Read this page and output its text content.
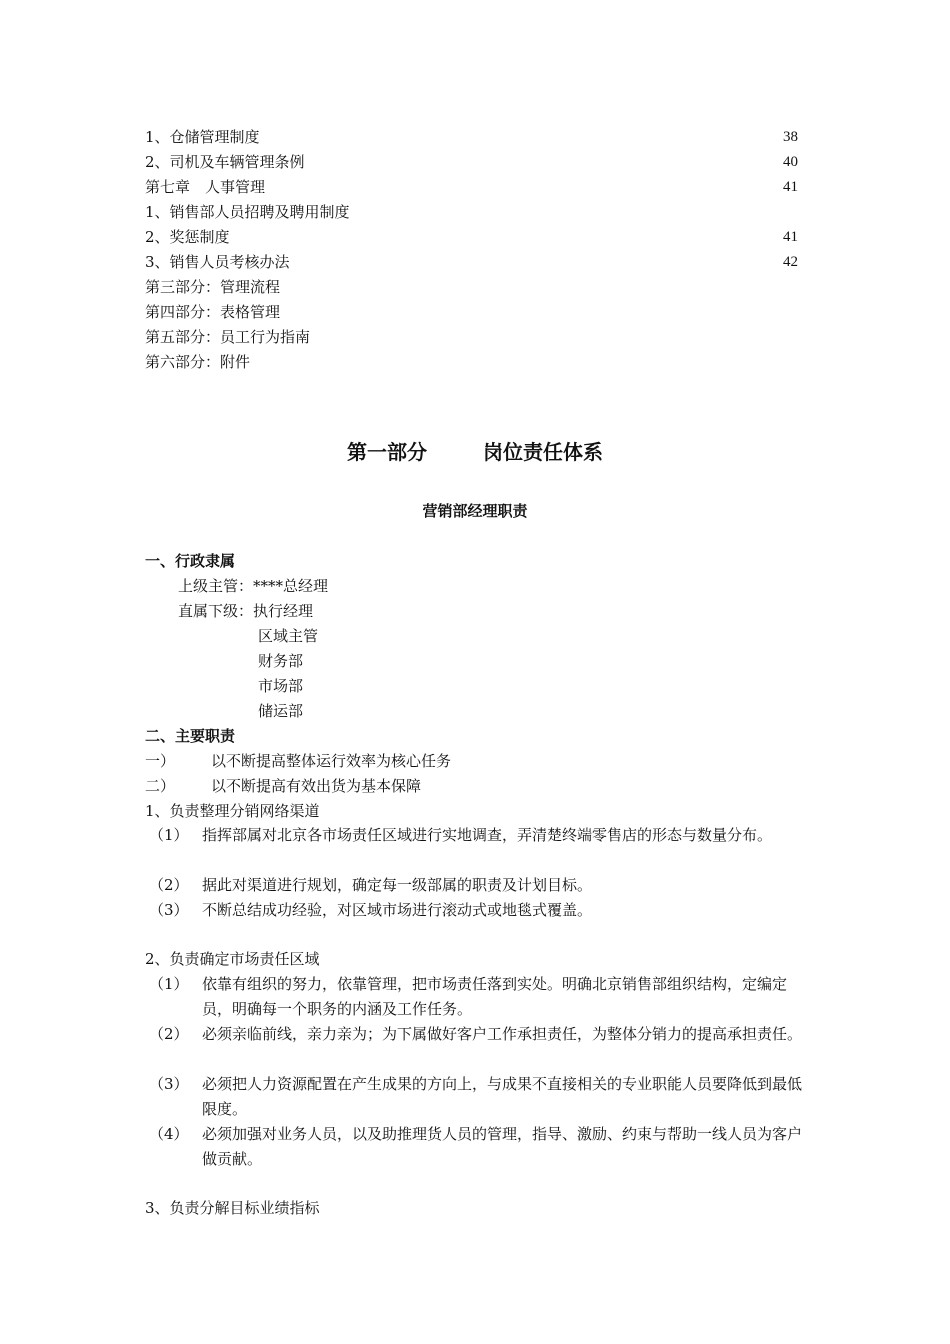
1、仓储管理制度	38
2、司机及车辆管理条例	40
第七章　人事管理	41
1、销售部人员招聘及聘用制度
2、奖惩制度	41
3、销售人员考核办法	42
第三部分：管理流程
第四部分：表格管理
第五部分：员工行为指南
第六部分：附件
第一部分	岗位责任体系
营销部经理职责
一、行政隶属
上级主管：****总经理
直属下级：执行经理
区域主管
财务部
市场部
储运部
二、主要职责
一） 以不断提高整体运行效率为核心任务
二） 以不断提高有效出货为基本保障
1、负责整理分销网络渠道
（1） 指挥部属对北京各市场责任区域进行实地调查，弄清楚终端零售店的形态与数量分布。
（2） 据此对渠道进行规划，确定每一级部属的职责及计划目标。
（3） 不断总结成功经验，对区域市场进行滚动式或地毯式覆盖。
2、负责确定市场责任区域
（1） 依靠有组织的努力，依靠管理，把市场责任落到实处。明确北京销售部组织结构，定编定员，明确每一个职务的内涵及工作任务。
（2） 必须亲临前线，亲力亲为；为下属做好客户工作承担责任，为整体分销力的提高承担责任。
（3） 必须把人力资源配置在产生成果的方向上，与成果不直接相关的专业职能人员要降低到最低限度。
（4） 必须加强对业务人员，以及助推理货人员的管理，指导、激励、约束与帮助一线人员为客户做贡献。
3、负责分解目标业绩指标
